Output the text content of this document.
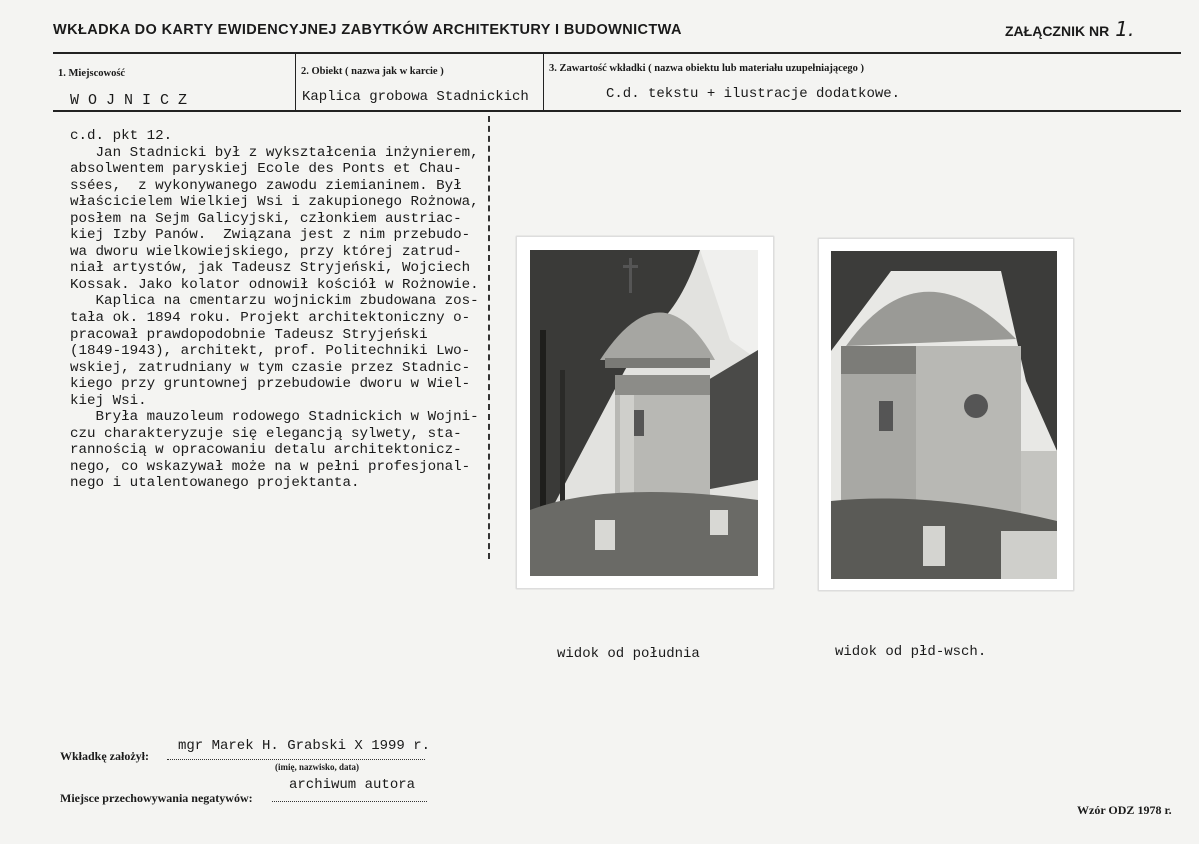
WKŁADKA DO KARTY EWIDENCYJNEJ ZABYTKÓW ARCHITEKTURY I BUDOWNICTWA	ZAŁĄCZNIK NR 1.
1. Miejscowość
W O J N I C Z
2. Obiekt ( nazwa jak w karcie )
Kaplica grobowa Stadnickich
3. Zawartość wkładki ( nazwa obiektu lub materiału uzupełniającego )
C.d. tekstu + ilustracje dodatkowe.
c.d. pkt 12.
Jan Stadnicki był z wykształcenia inżynierem,
absolwentem paryskiej Ecole des Ponts et Chau-
ssées,  z wykonywanego zawodu ziemianinem. Był
właścicielem Wielkiej Wsi i zakupionego Rożnowa,
posłem na Sejm Galicyjski, członkiem austriac-
kiej Izby Panów.  Związana jest z nim przebudo-
wa dworu wielkowiejskiego, przy której zatrud-
niał artystów, jak Tadeusz Stryjeński, Wojciech
Kossak. Jako kolator odnowił kościół w Rożnowie.
Kaplica na cmentarzu wojnickim zbudowana zos-
tała ok. 1894 roku. Projekt architektoniczny o-
pracował prawdopodobnie Tadeusz Stryjeński
(1849-1943), architekt, prof. Politechniki Lwo-
wskiej, zatrudniany w tym czasie przez Stadnic-
kiego przy gruntownej przebudowie dworu w Wiel-
kiej Wsi.
Bryła mauzoleum rodowego Stadnickich w Wojni-
czu charakteryzuje się elegancją sylwety, sta-
rannością w opracowaniu detalu architektonicz-
nego, co wskazywał może na w pełni profesjonal-
nego i utalentowanego projektanta.
widok od południa	widok od płd-wsch.
Wkładkę założył:
mgr Marek H. Grabski X 1999 r.
(imię, nazwisko, data)
Miejsce przechowywania negatywów:
archiwum autora
Wzór ODZ 1978 r.
